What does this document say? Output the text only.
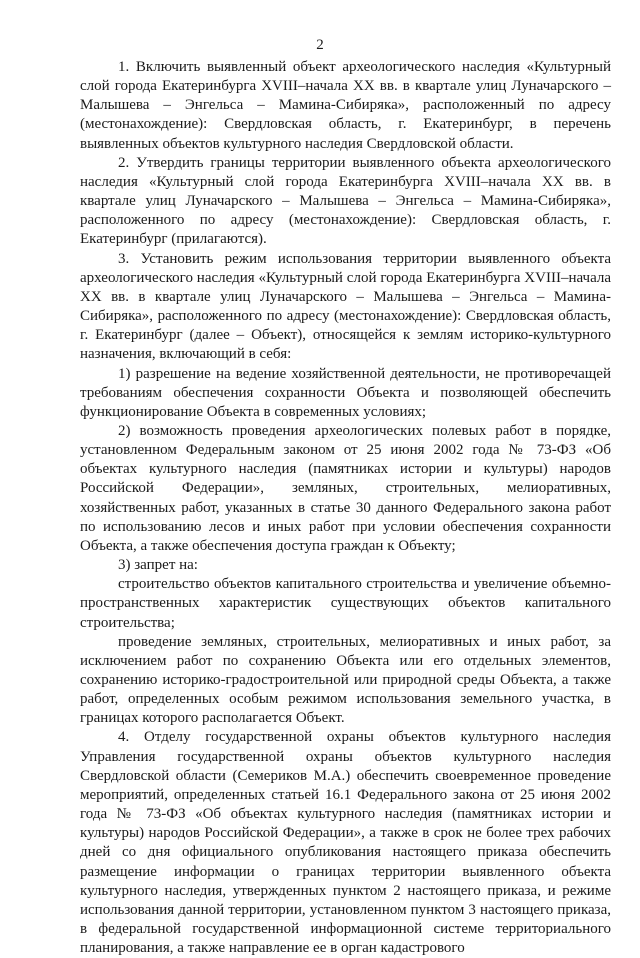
2

1. Включить выявленный объект археологического наследия «Культурный слой города Екатеринбурга XVIII–начала XX вв. в квартале улиц Луначарского – Малышева – Энгельса – Мамина-Сибиряка», расположенный по адресу (местонахождение): Свердловская область, г. Екатеринбург, в перечень выявленных объектов культурного наследия Свердловской области.

2. Утвердить границы территории выявленного объекта археологического наследия «Культурный слой города Екатеринбурга XVIII–начала XX вв. в квартале улиц Луначарского – Малышева – Энгельса – Мамина-Сибиряка», расположенного по адресу (местонахождение): Свердловская область, г. Екатеринбург (прилагаются).

3. Установить режим использования территории выявленного объекта археологического наследия «Культурный слой города Екатеринбурга XVIII–начала XX вв. в квартале улиц Луначарского – Малышева – Энгельса – Мамина-Сибиряка», расположенного по адресу (местонахождение): Свердловская область, г. Екатеринбург (далее – Объект), относящейся к землям историко-культурного назначения, включающий в себя:

1) разрешение на ведение хозяйственной деятельности, не противоречащей требованиям обеспечения сохранности Объекта и позволяющей обеспечить функционирование Объекта в современных условиях;

2) возможность проведения археологических полевых работ в порядке, установленном Федеральным законом от 25 июня 2002 года № 73-ФЗ «Об объектах культурного наследия (памятниках истории и культуры) народов Российской Федерации», земляных, строительных, мелиоративных, хозяйственных работ, указанных в статье 30 данного Федерального закона работ по использованию лесов и иных работ при условии обеспечения сохранности Объекта, а также обеспечения доступа граждан к Объекту;

3) запрет на:

строительство объектов капитального строительства и увеличение объемно-пространственных характеристик существующих объектов капитального строительства;

проведение земляных, строительных, мелиоративных и иных работ, за исключением работ по сохранению Объекта или его отдельных элементов, сохранению историко-градостроительной или природной среды Объекта, а также работ, определенных особым режимом использования земельного участка, в границах которого располагается Объект.

4. Отделу государственной охраны объектов культурного наследия Управления государственной охраны объектов культурного наследия Свердловской области (Семериков М.А.) обеспечить своевременное проведение мероприятий, определенных статьей 16.1 Федерального закона от 25 июня 2002 года № 73-ФЗ «Об объектах культурного наследия (памятниках истории и культуры) народов Российской Федерации», а также в срок не более трех рабочих дней со дня официального опубликования настоящего приказа обеспечить размещение информации о границах территории выявленного объекта культурного наследия, утвержденных пунктом 2 настоящего приказа, и режиме использования данной территории, установленном пунктом 3 настоящего приказа, в федеральной государственной информационной системе территориального планирования, а также направление ее в орган кадастрового
